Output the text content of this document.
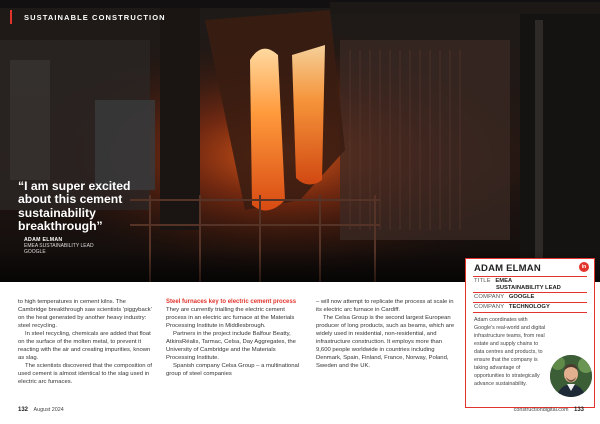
SUSTAINABLE CONSTRUCTION
“I am super excited about this cement sustainability breakthrough”
ADAM ELMAN
EMEA SUSTAINABILITY LEAD
GOOGLE

to high temperatures in cement kilns. The Cambridge breakthrough saw scientists ‘piggyback’ on the heat generated by another heavy industry: steel recycling.

In steel recycling, chemicals are added that float on the surface of the molten metal, to prevent it reacting with the air and creating impurities, known as slag.

The scientists discovered that the composition of used cement is almost identical to the slag used in electric arc furnaces.

Steel furnaces key to electric cement process

They are currently trialling the electric cement process in an electric arc furnace at the Materials Processing Institute in Middlesbrough.

Partners in the project include Balfour Beatty, AtkinsRéalis, Tarmac, Celsa, Day Aggregates, the University of Cambridge and the Materials Processing Institute.

Spanish company Celsa Group – a multinational group of steel companies

– will now attempt to replicate the process at scale in its electric arc furnace in Cardiff.

The Celsa Group is the second largest European producer of long products, such as beams, which are widely used in residential, non-residential, and infrastructure construction. It employs more than 9,600 people worldwide in countries including Denmark, Spain, Finland, France, Norway, Poland, Sweden and the UK.

ADAM ELMAN	in
TITLE EMEA
SUSTAINABILITY LEAD
COMPANY GOOGLE
COMPANY TECHNOLOGY
Adam coordinates with Google's real-world and digital infrastructure teams, from real estate and supply chains to data centres and products, to ensure that the company is taking advantage of opportunities to strategically advance sustainability.
132 August 2024	constructiondigital.com 133
